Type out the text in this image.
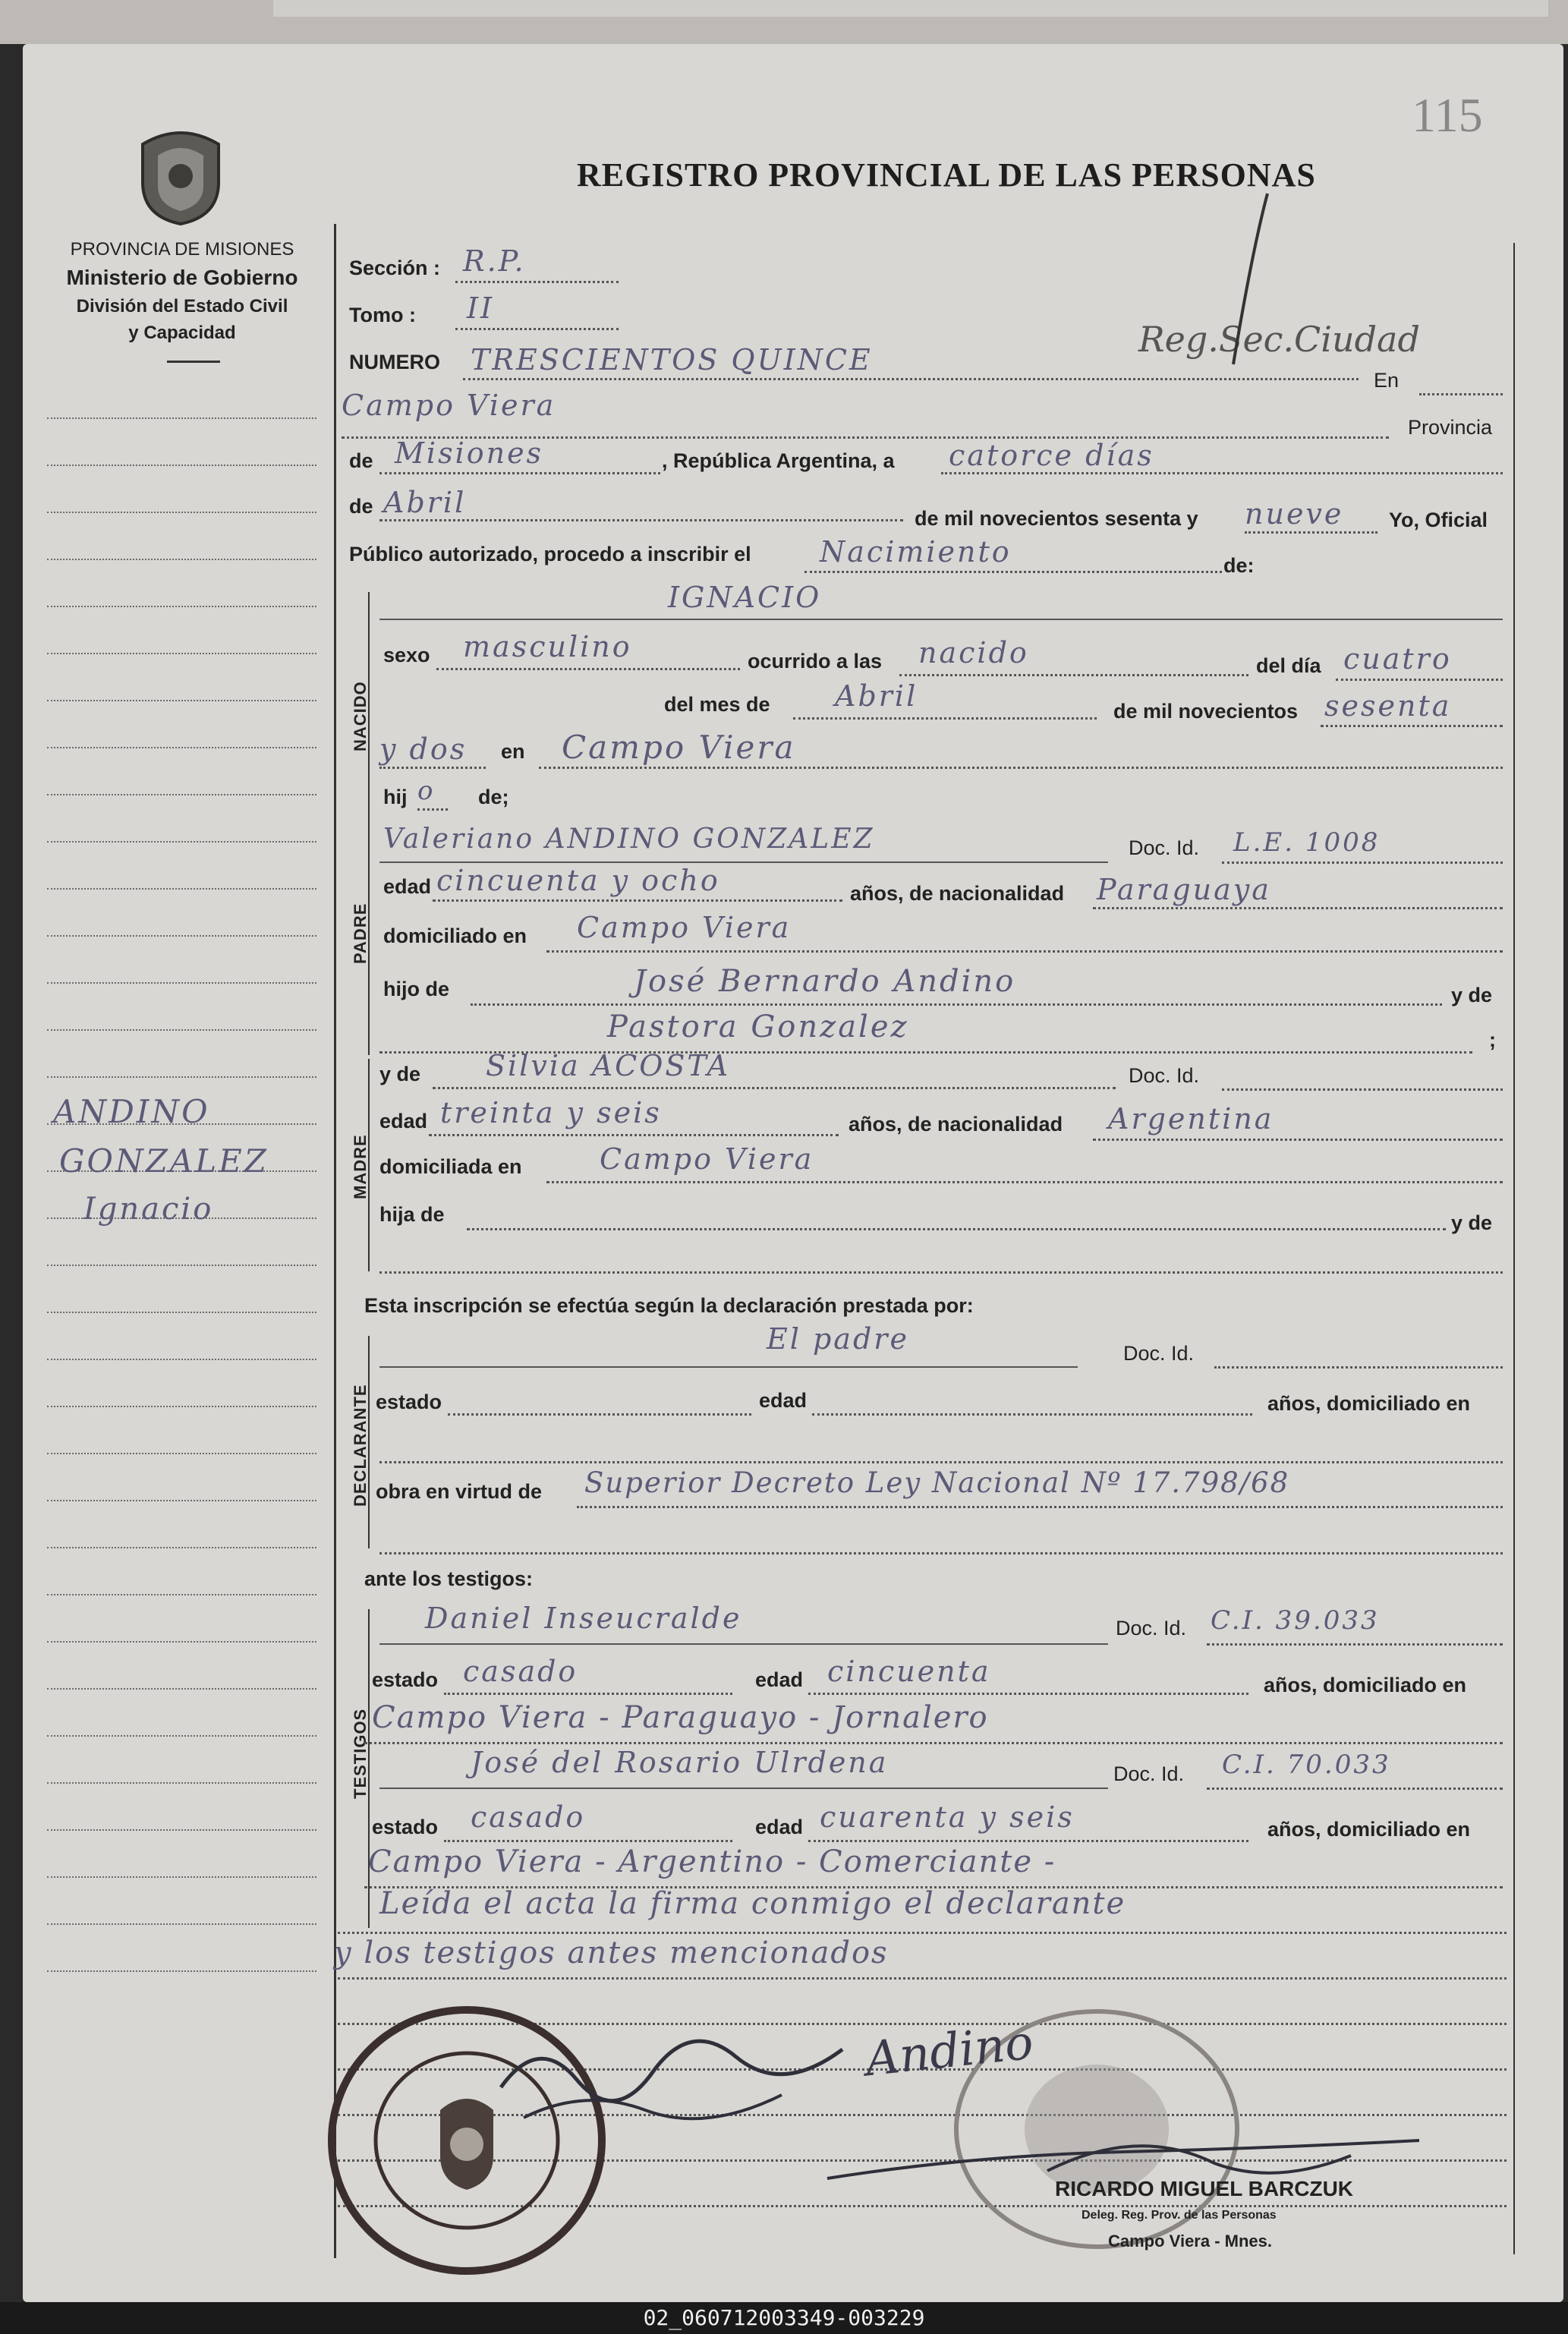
115
REGISTRO PROVINCIAL DE LAS PERSONAS
PROVINCIA DE MISIONES
Ministerio de Gobierno
División del Estado Civil
y Capacidad
ANDINO
GONZALEZ
Ignacio
Sección : R.P.
Tomo : II
NUMERO TRESCIENTOS QUINCE
En
Reg.Sec.Ciudad
Campo Viera
Provincia
de Misiones	, República Argentina, a catorce días
de Abril	de mil novecientos sesenta y nueve Yo, Oficial
Público autorizado, procedo a inscribir el Nacimiento	de:
NACIDO
IGNACIO
sexo masculino	ocurrido a las nacido	del día cuatro
del mes de Abril	de mil novecientos sesenta
y dos en Campo Viera
hij o de;
PADRE
Valeriano ANDINO GONZALEZ	Doc. Id. L.E. 1008
edad cincuenta y ocho	años, de nacionalidad Paraguaya
domiciliado en Campo Viera
hijo de	José Bernardo Andino	y de
Pastora Gonzalez	;
MADRE
y de Silvia ACOSTA	Doc. Id.
edad treinta y seis	años, de nacionalidad Argentina
domiciliada en	Campo Viera
hija de	y de
Esta inscripción se efectúa según la declaración prestada por:
DECLARANTE
El padre	Doc. Id.
estado	edad	años, domiciliado en
obra en virtud de Superior Decreto Ley Nacional Nº 17.798/68
ante los testigos:
TESTIGOS
Daniel Inseucralde	Doc. Id. C.I. 39.033
estado casado	edad cincuenta	años, domiciliado en
Campo Viera - Paraguayo - Jornalero
José del Rosario Ulrdena	Doc. Id. C.I. 70.033
estado casado	edad cuarenta y seis	años, domiciliado en
Campo Viera - Argentino - Comerciante -
Leída el acta la firma conmigo el declarante
y los testigos antes mencionados
Andino
RICARDO MIGUEL BARCZUK
Deleg. Reg. Prov. de las Personas
Campo Viera - Mnes.
02_060712003349-003229
